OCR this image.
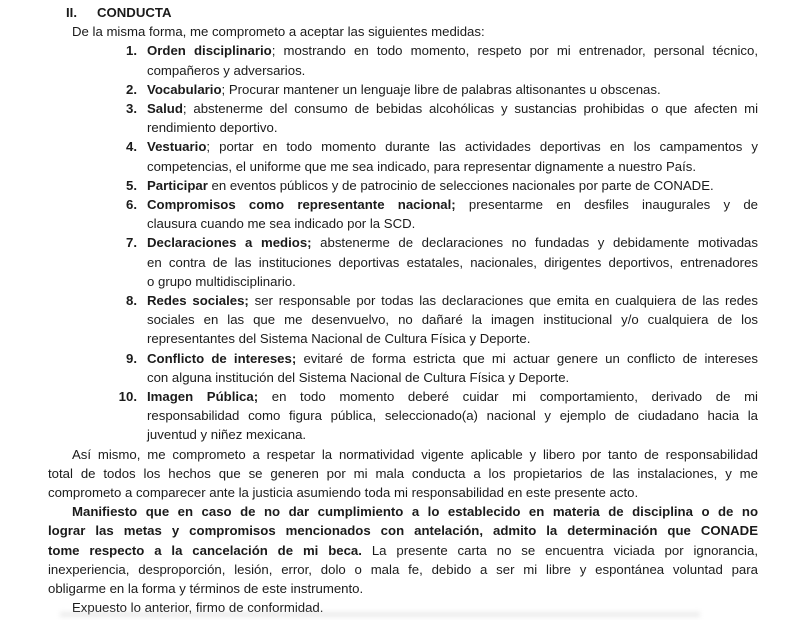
II. CONDUCTA
De la misma forma, me comprometo a aceptar las siguientes medidas:
1. Orden disciplinario; mostrando en todo momento, respeto por mi entrenador, personal técnico,
compañeros y adversarios.
2. Vocabulario; Procurar mantener un lenguaje libre de palabras altisonantes u obscenas.
3. Salud; abstenerme del consumo de bebidas alcohólicas y sustancias prohibidas o que afecten mi
rendimiento deportivo.
4. Vestuario; portar en todo momento durante las actividades deportivas en los campamentos y
competencias, el uniforme que me sea indicado, para representar dignamente a nuestro País.
5. Participar en eventos públicos y de patrocinio de selecciones nacionales por parte de CONADE.
6. Compromisos como representante nacional; presentarme en desfiles inaugurales y de
clausura cuando me sea indicado por la SCD.
7. Declaraciones a medios; abstenerme de declaraciones no fundadas y debidamente motivadas
en contra de las instituciones deportivas estatales, nacionales, dirigentes deportivos, entrenadores
o grupo multidisciplinario.
8. Redes sociales; ser responsable por todas las declaraciones que emita en cualquiera de las redes
sociales en las que me desenvuelvo, no dañaré la imagen institucional y/o cualquiera de los
representantes del Sistema Nacional de Cultura Física y Deporte.
9. Conflicto de intereses; evitaré de forma estricta que mi actuar genere un conflicto de intereses
con alguna institución del Sistema Nacional de Cultura Física y Deporte.
10. Imagen Pública; en todo momento deberé cuidar mi comportamiento, derivado de mi
responsabilidad como figura pública, seleccionado(a) nacional y ejemplo de ciudadano hacia la
juventud y niñez mexicana.
Así mismo, me comprometo a respetar la normatividad vigente aplicable y libero por tanto de responsabilidad
total de todos los hechos que se generen por mi mala conducta a los propietarios de las instalaciones, y me
comprometo a comparecer ante la justicia asumiendo toda mi responsabilidad en este presente acto.
Manifiesto que en caso de no dar cumplimiento a lo establecido en materia de disciplina o de no
lograr las metas y compromisos mencionados con antelación, admito la determinación que CONADE
tome respecto a la cancelación de mi beca. La presente carta no se encuentra viciada por ignorancia,
inexperiencia, desproporción, lesión, error, dolo o mala fe, debido a ser mi libre y espontánea voluntad para
obligarme en la forma y términos de este instrumento.
Expuesto lo anterior, firmo de conformidad.
